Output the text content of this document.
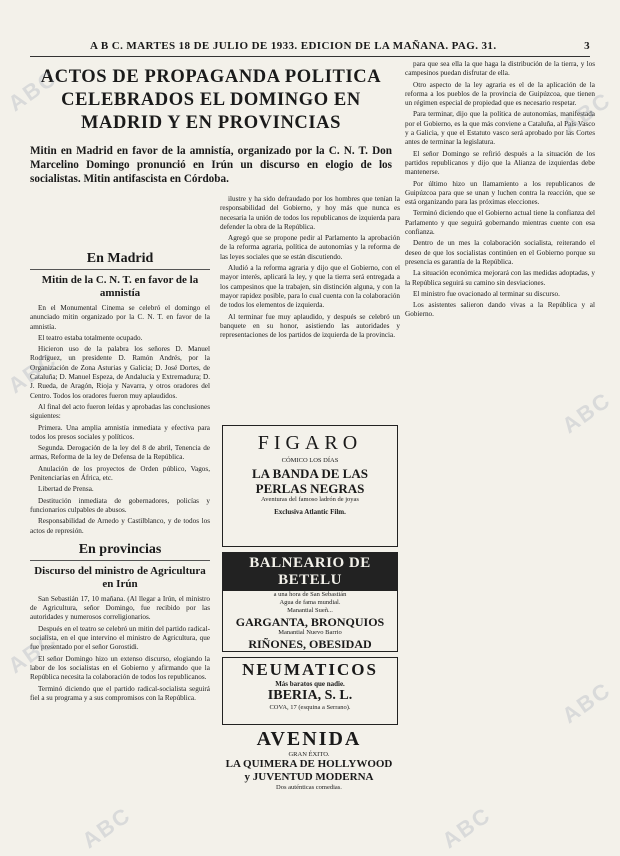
A B C. MARTES 18 DE JULIO DE 1933. EDICION DE LA MAÑANA. PAG. 31.	3
ACTOS DE PROPAGANDA POLITICA CELEBRADOS EL DOMINGO EN MADRID Y EN PROVINCIAS
Mitin en Madrid en favor de la amnistía, organizado por la C. N. T. Don Marcelino Domingo pronunció en Irún un discurso en elogio de los socialistas. Mitin antifascista en Córdoba.
En Madrid
Mitin de la C. N. T. en favor de la amnistía

En el Monumental Cinema se celebró el domingo el anunciado mitin organizado por la C. N. T. en favor de la amnistía.

El teatro estaba totalmente ocupado.

Hicieron uso de la palabra los señores D. Manuel Rodríguez, un presidente D. Ramón Andrés, por la Organización de Zona Asturias y Galicia; D. José Dortes, de Cataluña; D. Manuel Espeza, de Andalucía y Extremadura; D. J. Rueda, de Aragón, Rioja y Navarra, y otros oradores del Centro. Todos los oradores fueron muy aplaudidos.

Al final del acto fueron leídas y aprobadas las conclusiones siguientes:

Primera. Una amplia amnistía inmediata y efectiva para todos los presos sociales y políticos.

Segunda. Derogación de la ley del 8 de abril, Tenencia de armas, Reforma de la ley de Defensa de la República.

Anulación de los proyectos de Orden público, Vagos, Penitenciarías en África, etc.

Libertad de Prensa.

Destitución inmediata de gobernadores, policías y funcionarios culpables de abusos.

Responsabilidad de Arnedo y Castilblanco, y de todos los actos de represión.

En provincias
Discurso del ministro de Agricultura en Irún

San Sebastián 17, 10 mañana. (Al llegar a Irún, el ministro de Agricultura, señor Domingo, fue recibido por las autoridades y numerosos correligionarios.

Después en el teatro se celebró un mitin del partido radical-socialista, en el que intervino el ministro de Agricultura, que fue presentado por el señor Gorostidi.

El señor Domingo hizo un extenso discurso, elogiando la labor de los socialistas en el Gobierno y afirmando que la República necesita la colaboración de todos los republicanos.

Terminó diciendo que el partido radical-socialista seguirá fiel a su programa y a sus compromisos con la República.

ilustre y ha sido defraudado por los hombres que tenían la responsabilidad del Gobierno, y hoy más que nunca es necesaria la unión de todos los republicanos de izquierda para defender la obra de la República.

Agregó que se propone pedir al Parlamento la aprobación de la reforma agraria, política de autonomías y la reforma de las leyes sociales que se están discutiendo.

Aludió a la reforma agraria y dijo que el Gobierno, con el mayor interés, aplicará la ley, y que la tierra será entregada a los campesinos que la trabajen, sin distinción alguna, y con la mayor rapidez posible, para lo cual cuenta con la colaboración de todos los elementos de izquierda.

Al terminar fue muy aplaudido, y después se celebró un banquete en su honor, asistiendo las autoridades y representaciones de los partidos de izquierda de la provincia.

para que sea ella la que haga la distribución de la tierra, y los campesinos puedan disfrutar de ella.

Otro aspecto de la ley agraria es el de la aplicación de la reforma a los pueblos de la provincia de Guipúzcoa, que tienen un régimen especial de propiedad que es necesario respetar.

Para terminar, dijo que la política de autonomías, manifestada por el Gobierno, es la que más conviene a Cataluña, al País Vasco y a Galicia, y que el Estatuto vasco será aprobado por las Cortes antes de terminar la legislatura.

El señor Domingo se refirió después a la situación de los partidos republicanos y dijo que la Alianza de izquierdas debe mantenerse.

Por último hizo un llamamiento a los republicanos de Guipúzcoa para que se unan y luchen contra la reacción, que se está organizando para las próximas elecciones.

Terminó diciendo que el Gobierno actual tiene la confianza del Parlamento y que seguirá gobernando mientras cuente con esa confianza.

Dentro de un mes la colaboración socialista, reiterando el deseo de que los socialistas continúen en el Gobierno porque su presencia es garantía de la República.

La situación económica mejorará con las medidas adoptadas, y la República seguirá su camino sin desviaciones.

El ministro fue ovacionado al terminar su discurso.

Los asistentes salieron dando vivas a la República y al Gobierno.

FIGARO
CÓMICO LOS DÍAS
LA BANDA DE LAS
PERLAS NEGRAS
Aventuras del famoso ladrón de joyas
Exclusiva Atlantic Film.
BALNEARIO DE BETELU
a una hora de San Sebastián
Agua de fama mundial.
Manantial Sueñ...
GARGANTA, BRONQUIOS
Manantial Nuevo Barrio
RIÑONES, OBESIDAD
NEUMATICOS
Más baratos que nadie.
IBERIA, S. L.
COVA, 17 (esquina a Serrano).
AVENIDA
GRAN ÉXITO.
LA QUIMERA DE HOLLYWOOD
y JUVENTUD MODERNA
Dos auténticas comedias.
ABC
ABC
ABC
ABC
ABC
ABC
ABC	ABC
